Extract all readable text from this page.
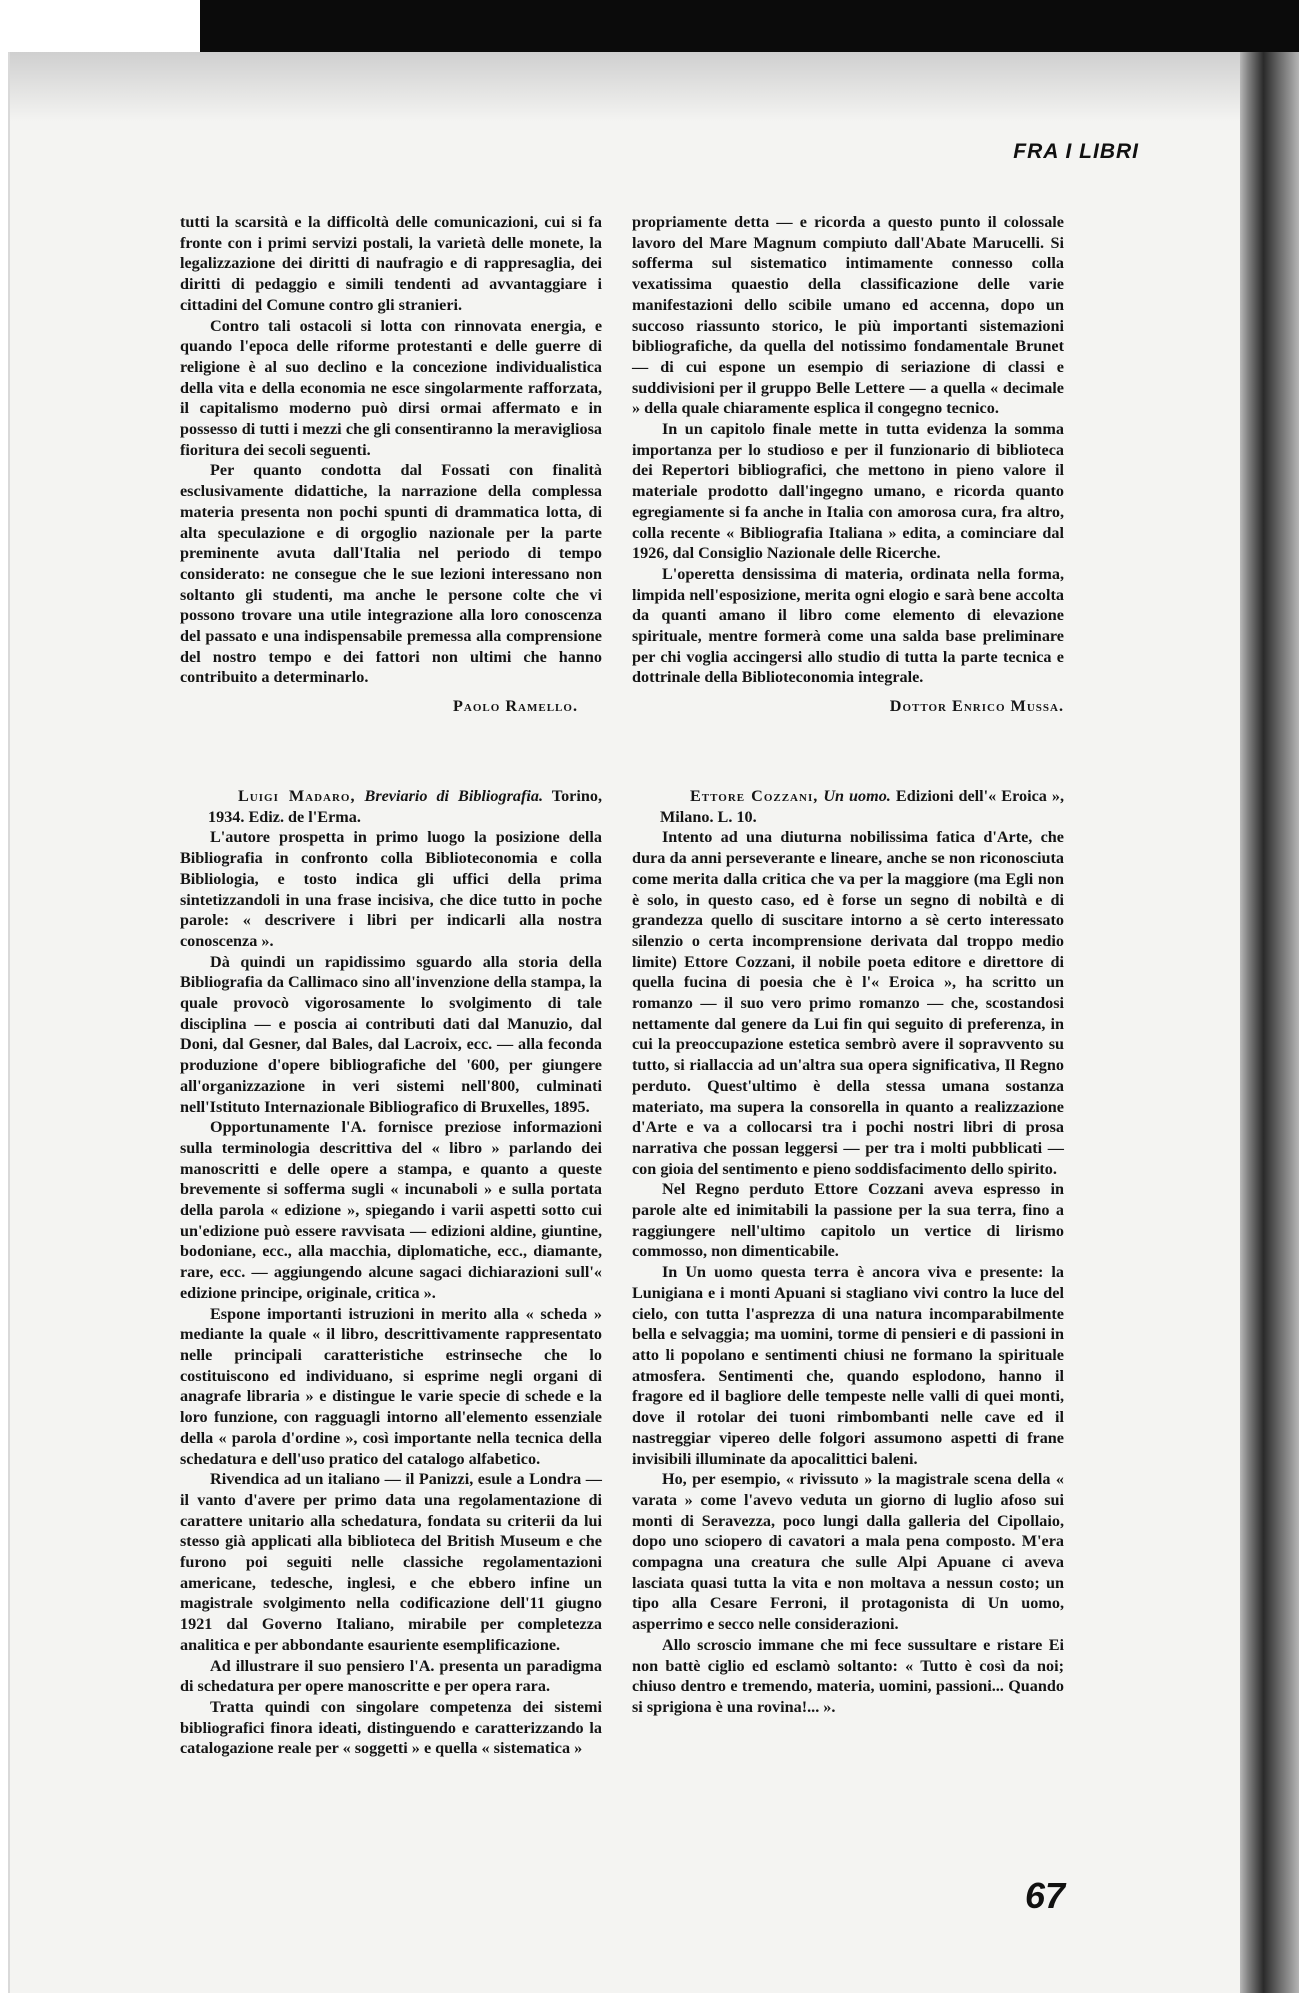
FRA I LIBRI

tutti la scarsità e la difficoltà delle comunicazioni, cui si fa fronte con i primi servizi postali, la varietà delle monete, la legalizzazione dei diritti di naufragio e di rappresaglia, dei diritti di pedaggio e simili tendenti ad avvantaggiare i cittadini del Comune contro gli stranieri.

Contro tali ostacoli si lotta con rinnovata energia, e quando l'epoca delle riforme protestanti e delle guerre di religione è al suo declino e la concezione individualistica della vita e della economia ne esce singolarmente rafforzata, il capitalismo moderno può dirsi ormai affermato e in possesso di tutti i mezzi che gli consentiranno la meravigliosa fioritura dei secoli seguenti.

Per quanto condotta dal Fossati con finalità esclusivamente didattiche, la narrazione della complessa materia presenta non pochi spunti di drammatica lotta, di alta speculazione e di orgoglio nazionale per la parte preminente avuta dall'Italia nel periodo di tempo considerato: ne consegue che le sue lezioni interessano non soltanto gli studenti, ma anche le persone colte che vi possono trovare una utile integrazione alla loro conoscenza del passato e una indispensabile premessa alla comprensione del nostro tempo e dei fattori non ultimi che hanno contribuito a determinarlo.

Paolo Ramello.

propriamente detta — e ricorda a questo punto il colossale lavoro del Mare Magnum compiuto dall'Abate Marucelli. Si sofferma sul sistematico intimamente connesso colla vexatissima quaestio della classificazione delle varie manifestazioni dello scibile umano ed accenna, dopo un succoso riassunto storico, le più importanti sistemazioni bibliografiche, da quella del notissimo fondamentale Brunet — di cui espone un esempio di seriazione di classi e suddivisioni per il gruppo Belle Lettere — a quella « decimale » della quale chiaramente esplica il congegno tecnico.

In un capitolo finale mette in tutta evidenza la somma importanza per lo studioso e per il funzionario di biblioteca dei Repertori bibliografici, che mettono in pieno valore il materiale prodotto dall'ingegno umano, e ricorda quanto egregiamente si fa anche in Italia con amorosa cura, fra altro, colla recente « Bibliografia Italiana » edita, a cominciare dal 1926, dal Consiglio Nazionale delle Ricerche.

L'operetta densissima di materia, ordinata nella forma, limpida nell'esposizione, merita ogni elogio e sarà bene accolta da quanti amano il libro come elemento di elevazione spirituale, mentre formerà come una salda base preliminare per chi voglia accingersi allo studio di tutta la parte tecnica e dottrinale della Biblioteconomia integrale.

Dottor Enrico Mussa.

Luigi Madaro, Breviario di Bibliografia. Torino, 1934. Ediz. de l'Erma.

L'autore prospetta in primo luogo la posizione della Bibliografia in confronto colla Biblioteconomia e colla Bibliologia, e tosto indica gli uffici della prima sintetizzandoli in una frase incisiva, che dice tutto in poche parole: « descrivere i libri per indicarli alla nostra conoscenza ».

Dà quindi un rapidissimo sguardo alla storia della Bibliografia da Callimaco sino all'invenzione della stampa, la quale provocò vigorosamente lo svolgimento di tale disciplina — e poscia ai contributi dati dal Manuzio, dal Doni, dal Gesner, dal Bales, dal Lacroix, ecc. — alla feconda produzione d'opere bibliografiche del '600, per giungere all'organizzazione in veri sistemi nell'800, culminati nell'Istituto Internazionale Bibliografico di Bruxelles, 1895.

Opportunamente l'A. fornisce preziose informazioni sulla terminologia descrittiva del « libro » parlando dei manoscritti e delle opere a stampa, e quanto a queste brevemente si sofferma sugli « incunaboli » e sulla portata della parola « edizione », spiegando i varii aspetti sotto cui un'edizione può essere ravvisata — edizioni aldine, giuntine, bodoniane, ecc., alla macchia, diplomatiche, ecc., diamante, rare, ecc. — aggiungendo alcune sagaci dichiarazioni sull'« edizione principe, originale, critica ».

Espone importanti istruzioni in merito alla « scheda » mediante la quale « il libro, descrittivamente rappresentato nelle principali caratteristiche estrinseche che lo costituiscono ed individuano, si esprime negli organi di anagrafe libraria » e distingue le varie specie di schede e la loro funzione, con ragguagli intorno all'elemento essenziale della « parola d'ordine », così importante nella tecnica della schedatura e dell'uso pratico del catalogo alfabetico.

Rivendica ad un italiano — il Panizzi, esule a Londra — il vanto d'avere per primo data una regolamentazione di carattere unitario alla schedatura, fondata su criterii da lui stesso già applicati alla biblioteca del British Museum e che furono poi seguiti nelle classiche regolamentazioni americane, tedesche, inglesi, e che ebbero infine un magistrale svolgimento nella codificazione dell'11 giugno 1921 dal Governo Italiano, mirabile per completezza analitica e per abbondante esauriente esemplificazione.

Ad illustrare il suo pensiero l'A. presenta un paradigma di schedatura per opere manoscritte e per opera rara.

Tratta quindi con singolare competenza dei sistemi bibliografici finora ideati, distinguendo e caratterizzando la catalogazione reale per « soggetti » e quella « sistematica »

Ettore Cozzani, Un uomo. Edizioni dell'« Eroica », Milano. L. 10.

Intento ad una diuturna nobilissima fatica d'Arte, che dura da anni perseverante e lineare, anche se non riconosciuta come merita dalla critica che va per la maggiore (ma Egli non è solo, in questo caso, ed è forse un segno di nobiltà e di grandezza quello di suscitare intorno a sè certo interessato silenzio o certa incomprensione derivata dal troppo medio limite) Ettore Cozzani, il nobile poeta editore e direttore di quella fucina di poesia che è l'« Eroica », ha scritto un romanzo — il suo vero primo romanzo — che, scostandosi nettamente dal genere da Lui fin qui seguito di preferenza, in cui la preoccupazione estetica sembrò avere il sopravvento su tutto, si riallaccia ad un'altra sua opera significativa, Il Regno perduto. Quest'ultimo è della stessa umana sostanza materiato, ma supera la consorella in quanto a realizzazione d'Arte e va a collocarsi tra i pochi nostri libri di prosa narrativa che possan leggersi — per tra i molti pubblicati — con gioia del sentimento e pieno soddisfacimento dello spirito.

Nel Regno perduto Ettore Cozzani aveva espresso in parole alte ed inimitabili la passione per la sua terra, fino a raggiungere nell'ultimo capitolo un vertice di lirismo commosso, non dimenticabile.

In Un uomo questa terra è ancora viva e presente: la Lunigiana e i monti Apuani si stagliano vivi contro la luce del cielo, con tutta l'asprezza di una natura incomparabilmente bella e selvaggia; ma uomini, torme di pensieri e di passioni in atto li popolano e sentimenti chiusi ne formano la spirituale atmosfera. Sentimenti che, quando esplodono, hanno il fragore ed il bagliore delle tempeste nelle valli di quei monti, dove il rotolar dei tuoni rimbombanti nelle cave ed il nastreggiar vipereo delle folgori assumono aspetti di frane invisibili illuminate da apocalittici baleni.

Ho, per esempio, « rivissuto » la magistrale scena della « varata » come l'avevo veduta un giorno di luglio afoso sui monti di Seravezza, poco lungi dalla galleria del Cipollaio, dopo uno sciopero di cavatori a mala pena composto. M'era compagna una creatura che sulle Alpi Apuane ci aveva lasciata quasi tutta la vita e non moltava a nessun costo; un tipo alla Cesare Ferroni, il protagonista di Un uomo, asperrimo e secco nelle considerazioni.

Allo scroscio immane che mi fece sussultare e ristare Ei non battè ciglio ed esclamò soltanto: « Tutto è così da noi; chiuso dentro e tremendo, materia, uomini, passioni... Quando si sprigiona è una rovina!... ».

67
